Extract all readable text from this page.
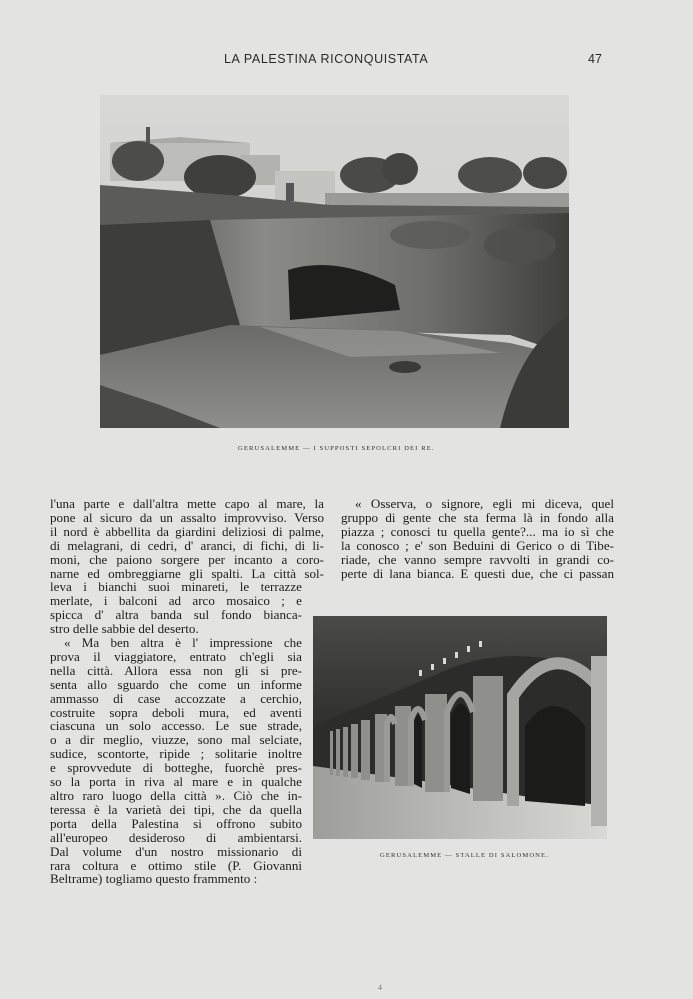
LA PALESTINA RICONQUISTATA	47
GERUSALEMME — I SUPPOSTI SEPOLCRI DEI RE.
l'una parte e dall'altra mette capo al mare, la
pone al sicuro da un assalto improvviso. Verso
il nord è abbellita da giardini deliziosi di palme,
di melagrani, di cedri, d' aranci, di fichi, di li-
moni, che paiono sorgere per incanto a coro-
narne ed ombreggiarne gli spalti. La città sol-
leva i bianchi suoi minareti, le terrazze
merlate, i balconi ad arco mosaico ; e
spicca d' altra banda sul fondo bianca-
stro delle sabbie del deserto.
« Ma ben altra è l' impressione che
prova il viaggiatore, entrato ch'egli sia
nella città. Allora essa non gli si pre-
senta allo sguardo che come un informe
ammasso di case accozzate a cerchio,
costruite sopra deboli mura, ed aventi
ciascuna un solo accesso. Le sue strade,
o a dir meglio, viuzze, sono mal selciate,
sudice, scontorte, ripide ; solitarie inoltre
e sprovvedute di botteghe, fuorchè pres-
so la porta in riva al mare e in qualche
altro raro luogo della città ». Ciò che in-
teressa è la varietà dei tipi, che da quella
porta della Palestina si offrono subito
all'europeo desideroso di ambientarsi.
Dal volume d'un nostro missionario di
rara coltura e ottimo stile (P. Giovanni
Beltrame) togliamo questo frammento :
« Osserva, o signore, egli mi diceva, quel
gruppo di gente che sta ferma là in fondo alla
piazza ; conosci tu quella gente?... ma io sì che
la conosco ; e' son Beduini di Gerico o di Tibe-
riade, che vanno sempre ravvolti in grandi co-
perte di lana bianca. E questi due, che ci passan
GERUSALEMME — STALLE DI SALOMONE.
4
